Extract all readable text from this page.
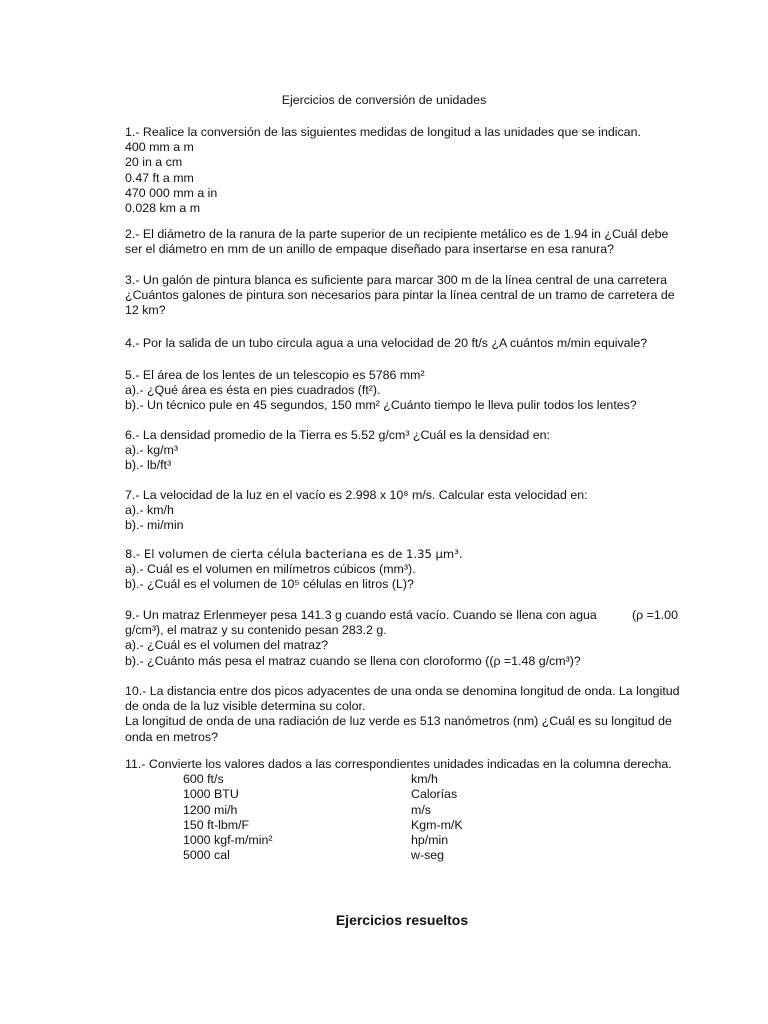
Ejercicios de conversión de unidades
1.- Realice la conversión de las siguientes medidas de longitud a las unidades que se indican.
400 mm a m
20 in a cm
0.47 ft a mm
470 000 mm a in
0.028 km a m
2.- El diámetro de la ranura de la parte superior de un recipiente metálico es de 1.94 in ¿Cuál debe
ser el diámetro en mm de un anillo de empaque diseñado para insertarse en esa ranura?
3.- Un galón de pintura blanca es suficiente para marcar 300 m de la línea central de una carretera
¿Cuántos galones de pintura son necesarios para pintar la línea central de un tramo de carretera de
12 km?
4.- Por la salida de un tubo circula agua a una velocidad de 20 ft/s ¿A cuántos m/min equivale?
5.- El área de los lentes de un telescopio es 5786 mm²
a).- ¿Qué área es ésta en pies cuadrados (ft²).
b).- Un técnico pule en 45 segundos, 150 mm² ¿Cuánto tiempo le lleva pulir todos los lentes?
6.- La densidad promedio de la Tierra es 5.52 g/cm³ ¿Cuál es la densidad en:
a).- kg/m³
b).- lb/ft³
7.- La velocidad de la luz en el vacío es 2.998 x 10⁸ m/s. Calcular esta velocidad en:
a).- km/h
b).- mi/min
8.- El volumen de cierta célula bacteriana es de 1.35 μm³.
a).- Cuál es el volumen en milímetros cúbicos (mm³).
b).- ¿Cuál es el volumen de 10⁵ células en litros (L)?
9.- Un matraz Erlenmeyer pesa 141.3 g cuando está vacío. Cuando se llena con agua	(ρ =1.00
g/cm³), el matraz y su contenido pesan 283.2 g.
a).- ¿Cuál es el volumen del matraz?
b).- ¿Cuánto más pesa el matraz cuando se llena con cloroformo ((ρ =1.48 g/cm³)?
10.- La distancia entre dos picos adyacentes de una onda se denomina longitud de onda. La longitud
de onda de la luz visible determina su color.
La longitud de onda de una radiación de luz verde es 513 nanómetros (nm) ¿Cuál es su longitud de
onda en metros?
11.- Convierte los valores dados a las correspondientes unidades indicadas en la columna derecha.
600 ft/s	km/h
1000 BTU	Calorías
1200 mi/h	m/s
150 ft-lbm/F	Kgm-m/K
1000 kgf-m/min²	hp/min
5000 cal	w-seg
Ejercicios resueltos
